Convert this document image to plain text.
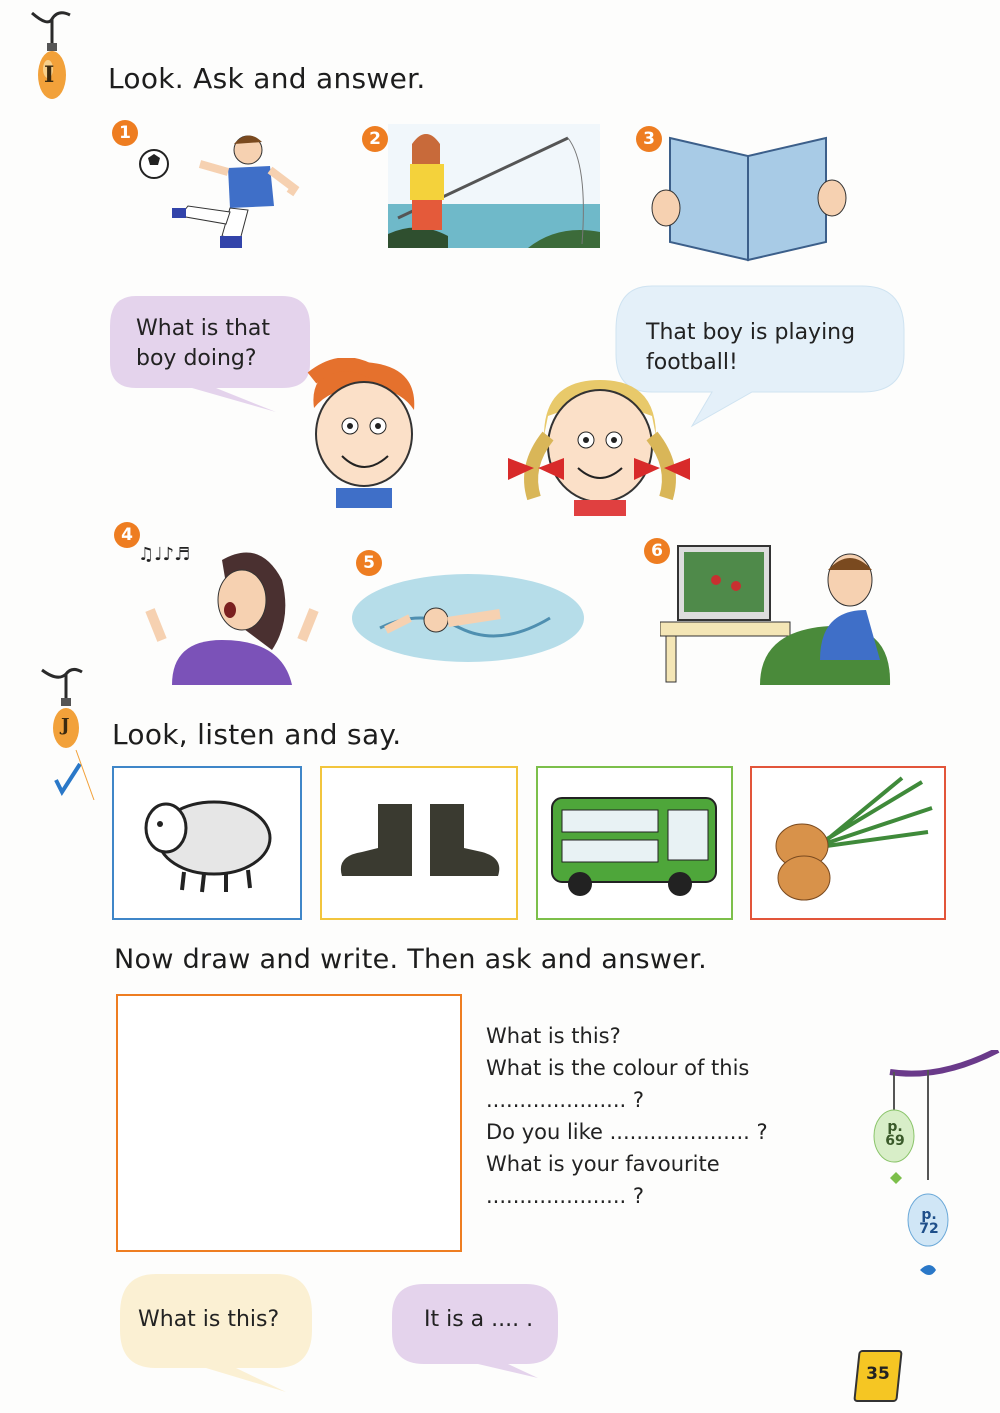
I Look. Ask and answer.
1	2	3
4
5
6
What is that
boy doing?
That boy is playing
football!
♫♩♪♬
J Look, listen and say.
Now draw and write. Then ask and answer.
What is this?
What is the colour of this
..................... ?
Do you like ..................... ?
What is your favourite
..................... ?
What is this?	It is a .... .
p.
69
p.
72
35
